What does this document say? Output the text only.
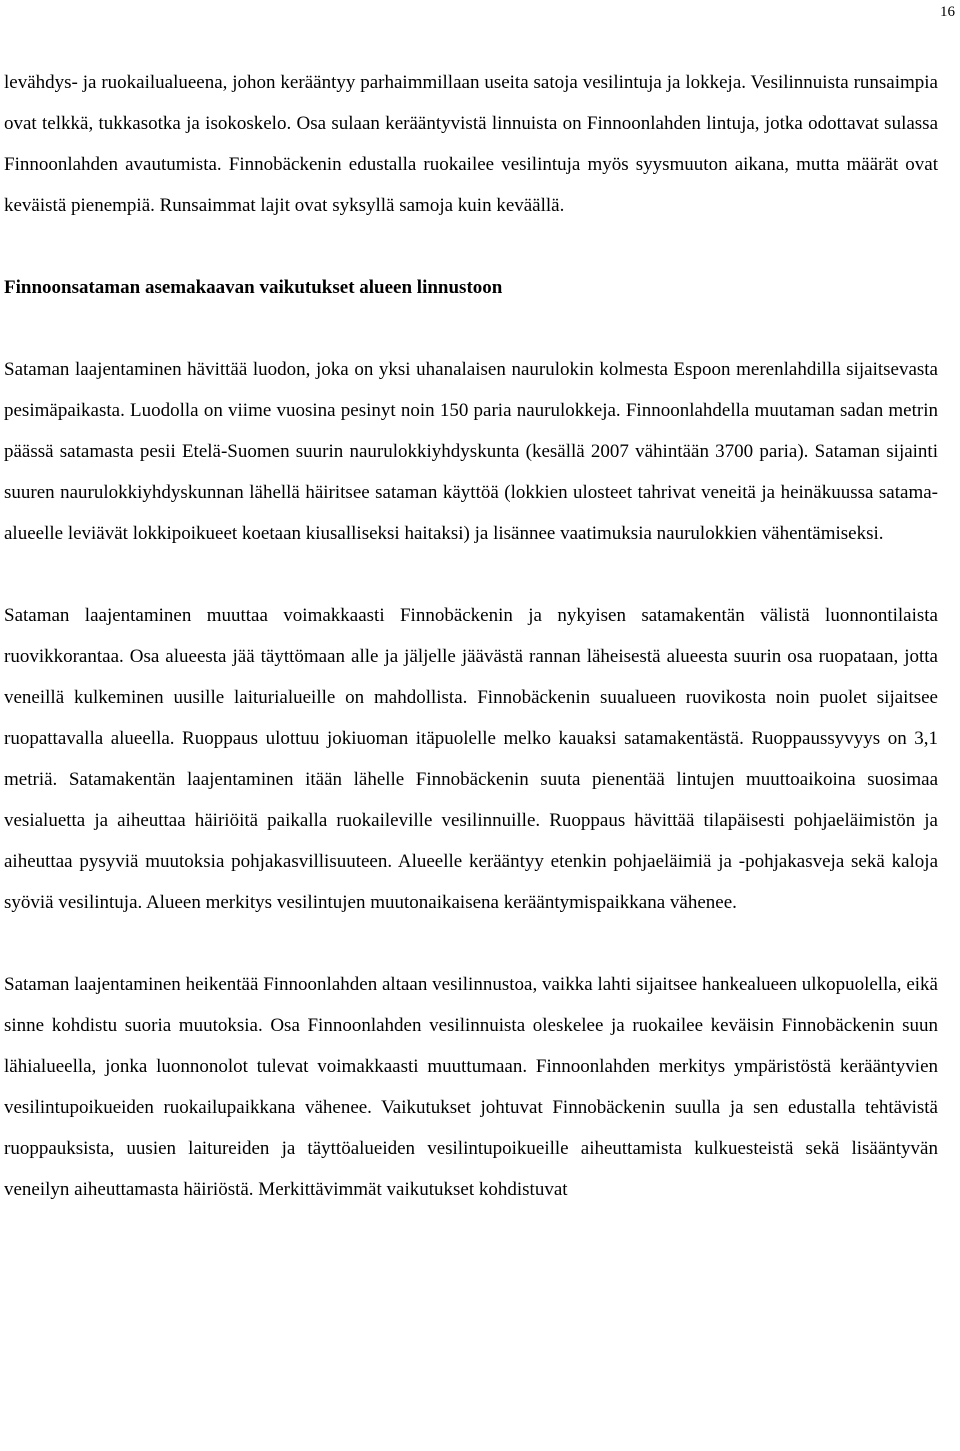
16

levähdys- ja ruokailualueena, johon kerääntyy parhaimmillaan useita satoja vesilintuja ja lokkeja. Vesilinnuista runsaimpia ovat telkkä, tukkasotka ja isokoskelo. Osa sulaan kerääntyvistä linnuista on Finnoonlahden lintuja, jotka odottavat sulassa Finnoonlahden avautumista. Finnobäckenin edustalla ruokailee vesilintuja myös syysmuuton aikana, mutta määrät ovat keväistä pienempiä. Runsaimmat lajit ovat syksyllä samoja kuin keväällä.

Finnoonsataman asemakaavan vaikutukset alueen linnustoon

Sataman laajentaminen hävittää luodon, joka on yksi uhanalaisen naurulokin kolmesta Espoon merenlahdilla sijaitsevasta pesimäpaikasta. Luodolla on viime vuosina pesinyt noin 150 paria naurulokkeja. Finnoonlahdella muutaman sadan metrin päässä satamasta pesii Etelä-Suomen suurin naurulokkiyhdyskunta (kesällä 2007 vähintään 3700 paria). Sataman sijainti suuren naurulokkiyhdyskunnan lähellä häiritsee sataman käyttöä (lokkien ulosteet tahrivat veneitä ja heinäkuussa satama-alueelle leviävät lokkipoikueet koetaan kiusalliseksi haitaksi) ja lisännee vaatimuksia naurulokkien vähentämiseksi.

Sataman laajentaminen muuttaa voimakkaasti Finnobäckenin ja nykyisen satamakentän välistä luonnontilaista ruovikkorantaa. Osa alueesta jää täyttömaan alle ja jäljelle jäävästä rannan läheisestä alueesta suurin osa ruopataan, jotta veneillä kulkeminen uusille laiturialueille on mahdollista. Finnobäckenin suualueen ruovikosta noin puolet sijaitsee ruopattavalla alueella. Ruoppaus ulottuu jokiuoman itäpuolelle melko kauaksi satamakentästä. Ruoppaussyvyys on 3,1 metriä. Satamakentän laajentaminen itään lähelle Finnobäckenin suuta pienentää lintujen muuttoaikoina suosimaa vesialuetta ja aiheuttaa häiriöitä paikalla ruokaileville vesilinnuille. Ruoppaus hävittää tilapäisesti pohjaeläimistön ja aiheuttaa pysyviä muutoksia pohjakasvillisuuteen. Alueelle kerääntyy etenkin pohjaeläimiä ja -pohjakasveja sekä kaloja syöviä vesilintuja. Alueen merkitys vesilintujen muutonaikaisena kerääntymispaikkana vähenee.

Sataman laajentaminen heikentää Finnoonlahden altaan vesilinnustoa, vaikka lahti sijaitsee hankealueen ulkopuolella, eikä sinne kohdistu suoria muutoksia. Osa Finnoonlahden vesilinnuista oleskelee ja ruokailee keväisin Finnobäckenin suun lähialueella, jonka luonnonolot tulevat voimakkaasti muuttumaan. Finnoonlahden merkitys ympäristöstä kerääntyvien vesilintupoikueiden ruokailupaikkana vähenee. Vaikutukset johtuvat Finnobäckenin suulla ja sen edustalla tehtävistä ruoppauksista, uusien laitureiden ja täyttöalueiden vesilintupoikueille aiheuttamista kulkuesteistä sekä lisääntyvän veneilyn aiheuttamasta häiriöstä. Merkittävimmät vaikutukset kohdistuvat
